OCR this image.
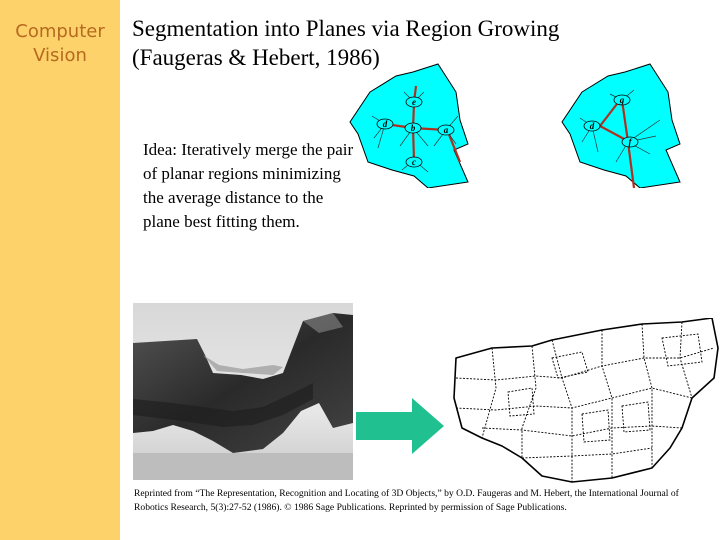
Computer
Vision
Segmentation into Planes via Region Growing
(Faugeras & Hebert, 1986)
e
d	b	a
c
g
d
f
Idea: Iteratively merge the pair of planar regions minimizing the average distance to the plane best fitting them.
Reprinted from “The Representation, Recognition and Locating of 3D Objects,” by O.D. Faugeras and M. Hebert, the International Journal of Robotics Research, 5(3):27-52 (1986). © 1986 Sage Publications. Reprinted by permission of Sage Publications.
